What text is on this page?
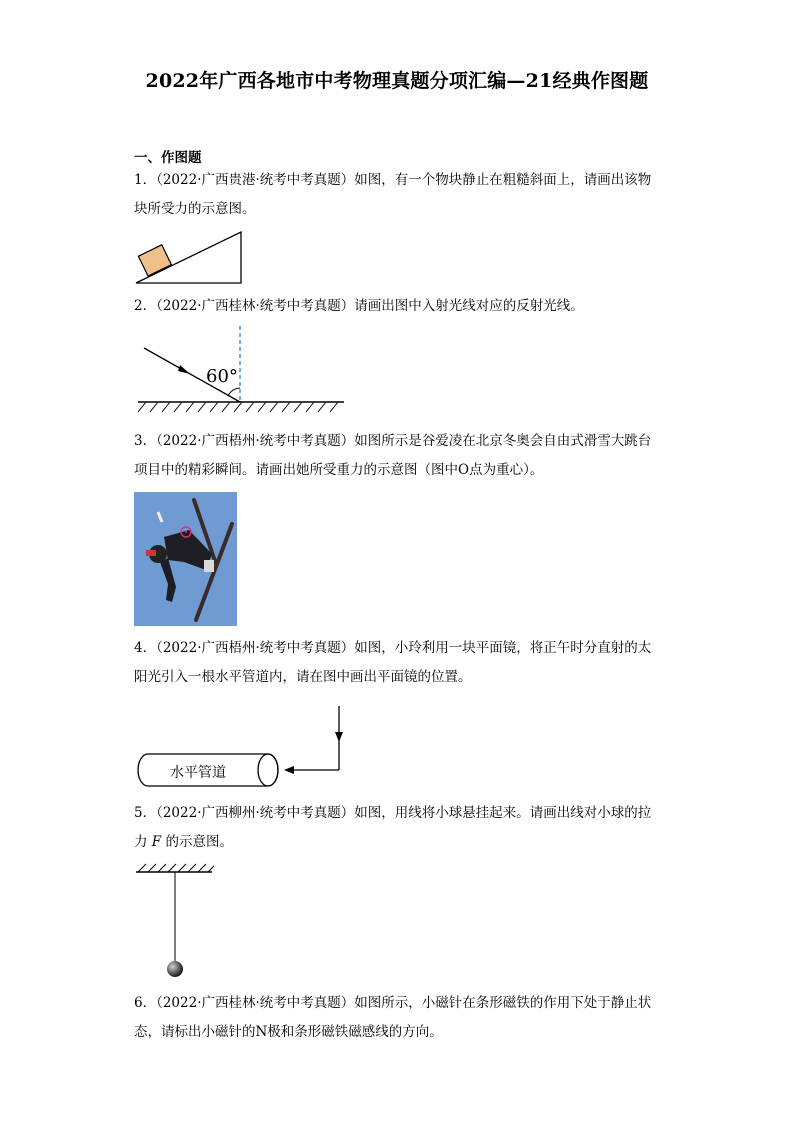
2022年广西各地市中考物理真题分项汇编—21经典作图题
一、作图题

1．（2022·广西贵港·统考中考真题）如图，有一个物块静止在粗糙斜面上，请画出该物

块所受力的示意图。

2．（2022·广西桂林·统考中考真题）请画出图中入射光线对应的反射光线。

60°

3．（2022·广西梧州·统考中考真题）如图所示是谷爱凌在北京冬奥会自由式滑雪大跳台

项目中的精彩瞬间。请画出她所受重力的示意图（图中O点为重心）。

4．（2022·广西梧州·统考中考真题）如图，小玲利用一块平面镜，将正午时分直射的太

阳光引入一根水平管道内，请在图中画出平面镜的位置。

水平管道

5．（2022·广西柳州·统考中考真题）如图，用线将小球悬挂起来。请画出线对小球的拉

力 F 的示意图。

6．（2022·广西桂林·统考中考真题）如图所示，小磁针在条形磁铁的作用下处于静止状

态，请标出小磁针的N极和条形磁铁磁感线的方向。
